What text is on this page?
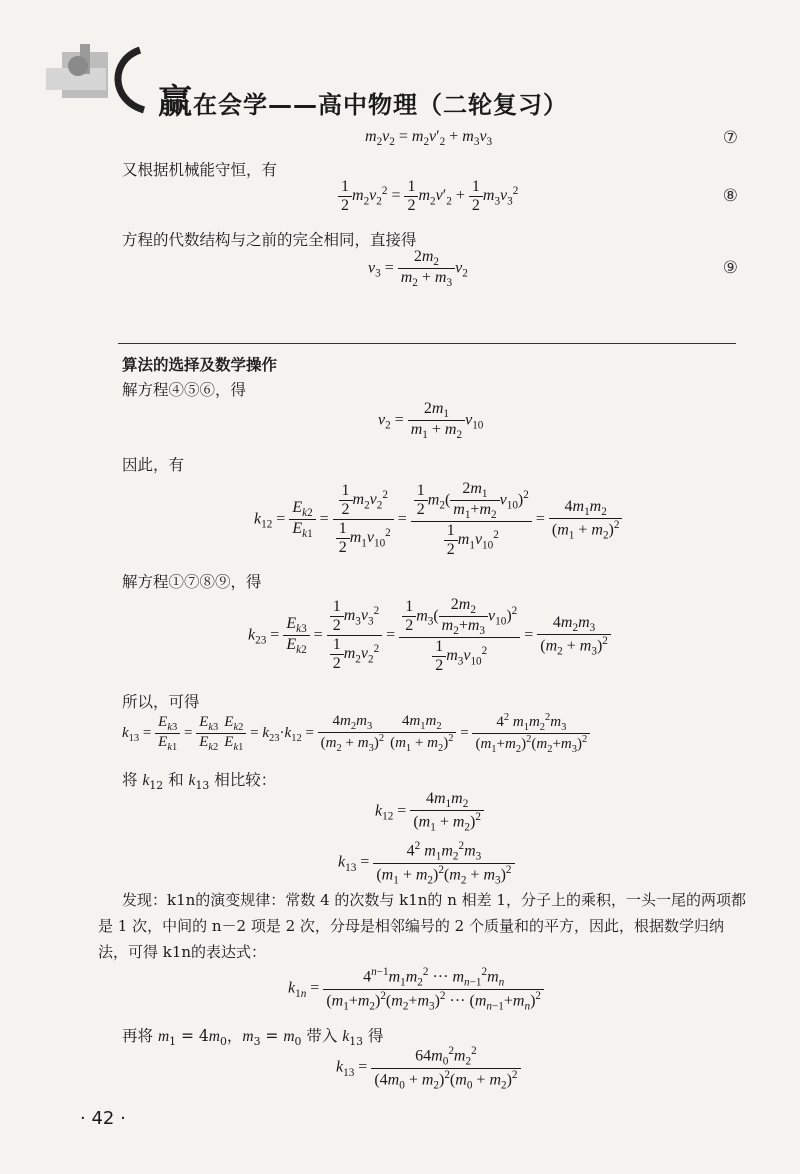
赢在会学——高中物理（二轮复习）
$m_2v_2 = m_2v'_2 + m_3v_3$	⑦
又根据机械能守恒，有
$\frac{1}{2} m_2v_2^2 = \frac{1}{2} m_2v'_2 + \frac{1}{2} m_3v_3^2$	⑧
方程的代数结构与之前的完全相同，直接得
$v_3 = \frac{2m_2}{m_2 + m_3} v_2$	⑨
算法的选择及数学操作
解方程④⑤⑥，得
$v_2 = \frac{2m_1}{m_1 + m_2} v_{10}$
因此，有
$k_{12} = \frac{E_{k2}}{E_{k1}} = \frac{\frac{1}{2} m_2v_2^2}{\frac{1}{2} m_1v_{10}^2} = \frac{\frac{1}{2} m_2( \frac{2m_1}{m_1+m_2} v_{10})^2}{\frac{1}{2} m_1v_{10}^2} = \frac{4m_1m_2}{(m_1 + m_2)^2}$
解方程①⑦⑧⑨，得
$k_{23} = \frac{E_{k3}}{E_{k2}} = \frac{\frac{1}{2} m_3v_3^2}{\frac{1}{2} m_2v_2^2} = \frac{\frac{1}{2} m_3( \frac{2m_2}{m_2+m_3} v_{10})^2}{\frac{1}{2} m_3v_{10}^2} = \frac{4m_2m_3}{(m_2 + m_3)^2}$
所以，可得
$k_{13} = \frac{E_{k3}}{E_{k1}} = \frac{E_{k3}}{E_{k2}} \frac{E_{k2}}{E_{k1}} = k_{23}\cdot k_{12} = \frac{4m_2m_3}{(m_2 + m_3)^2} \frac{4m_1m_2}{(m_1 + m_2)^2} = \frac{4^2 m_1m_2^2m_3}{(m_1+m_2)^2(m_2+m_3)^2}$
将 $k_{12}$ 和 $k_{13}$ 相比较：
$k_{12} = \frac{4m_1m_2}{(m_1 + m_2)^2}$
$k_{13} = \frac{4^2 m_1m_2^2m_3}{(m_1 + m_2)^2(m_2 + m_3)^2}$
发现：k1n的演变规律：常数 4 的次数与 k1n的 n 相差 1，分子上的乘积，一头一尾的两项都是 1 次，中间的 n－2 项是 2 次，分母是相邻编号的 2 个质量和的平方，因此，根据数学归纳法，可得 k1n的表达式：
$k_{1n} = \frac{4^{n-1}m_1m_2^2 \cdot\cdot\cdot m_{n-1}^2m_n}{(m_1+m_2)^2(m_2+m_3)^2 \cdot\cdot\cdot (m_{n-1}+m_n)^2}$
再将 $m_1 = 4m_0$，$m_3 = m_0$ 带入 $k_{13}$ 得
$k_{13} = \frac{64m_0^2m_2^2}{(4m_0 + m_2)^2(m_0 + m_2)^2}$
· 42 ·
